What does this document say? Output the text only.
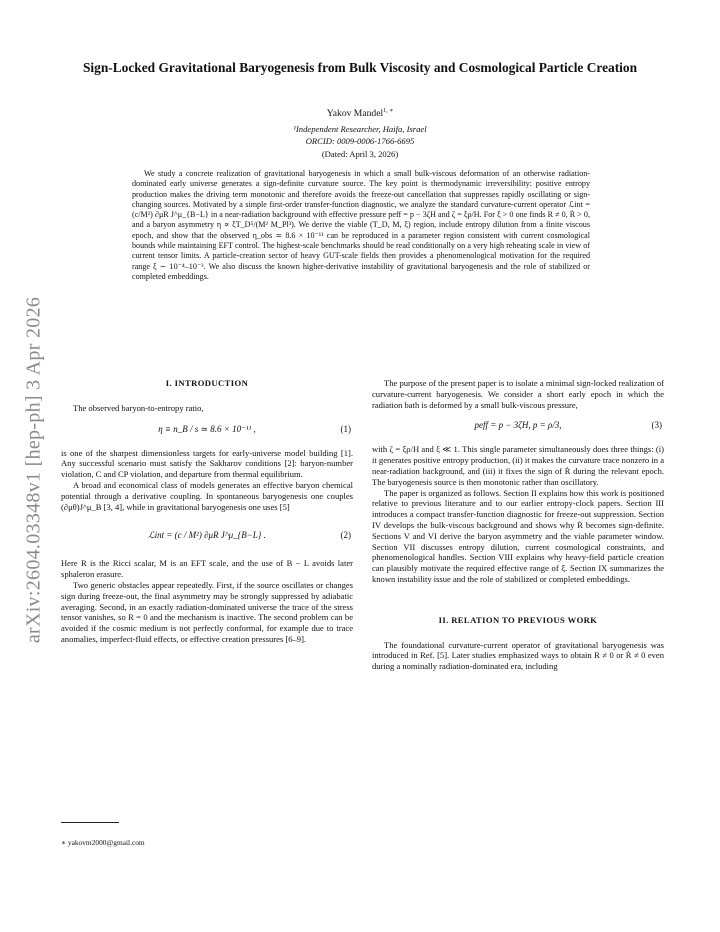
arXiv:2604.03348v1 [hep-ph] 3 Apr 2026
Sign-Locked Gravitational Baryogenesis from Bulk Viscosity and Cosmological Particle Creation
Yakov Mandel$^{1, ∗}$
¹Independent Researcher, Haifa, Israel
ORCID: 0009-0006-1766-6695
(Dated: April 3, 2026)
We study a concrete realization of gravitational baryogenesis in which a small bulk-viscous deformation of an otherwise radiation-dominated early universe generates a sign-definite curvature source. The key point is thermodynamic irreversibility: positive entropy production makes the driving term monotonic and therefore avoids the freeze-out cancellation that suppresses rapidly oscillating or sign-changing sources. Motivated by a simple first-order transfer-function diagnostic, we analyze the standard curvature-current operator ℒint = (c/M²) ∂μR J^μ_{B−L} in a near-radiation background with effective pressure peff = p − 3ζH and ζ = ξρ/H. For ξ > 0 one finds R ≠ 0, Ṙ > 0, and a baryon asymmetry η ∝ ξT_D⁵/(M² M_Pl³). We derive the viable (T_D, M, ξ) region, include entropy dilution from a finite viscous epoch, and show that the observed η_obs ≃ 8.6 × 10⁻¹¹ can be reproduced in a parameter region consistent with current cosmological bounds while maintaining EFT control. The highest-scale benchmarks should be read conditionally on a very high reheating scale in view of current tensor limits. A particle-creation sector of heavy GUT-scale fields then provides a phenomenological motivation for the required range ξ ∼ 10⁻⁴–10⁻³. We also discuss the known higher-derivative instability of gravitational baryogenesis and the role of stabilized or completed embeddings.
I. INTRODUCTION

The observed baryon-to-entropy ratio,

η ≡ n_B / s ≃ 8.6 × 10⁻¹¹ ,	(1)

is one of the sharpest dimensionless targets for early-universe model building [1]. Any successful scenario must satisfy the Sakharov conditions [2]: baryon-number violation, C and CP violation, and departure from thermal equilibrium.

A broad and economical class of models generates an effective baryon chemical potential through a derivative coupling. In spontaneous baryogenesis one couples (∂μθ)J^μ_B [3, 4], while in gravitational baryogenesis one uses [5]

ℒint = (c / M²) ∂μR J^μ_{B−L} .	(2)

Here R is the Ricci scalar, M is an EFT scale, and the use of B − L avoids later sphaleron erasure.

Two generic obstacles appear repeatedly. First, if the source oscillates or changes sign during freeze-out, the final asymmetry may be strongly suppressed by adiabatic averaging. Second, in an exactly radiation-dominated universe the trace of the stress tensor vanishes, so R = 0 and the mechanism is inactive. The second problem can be avoided if the cosmic medium is not perfectly conformal, for example due to trace anomalies, imperfect-fluid effects, or effective creation pressures [6–9].

The purpose of the present paper is to isolate a minimal sign-locked realization of curvature-current baryogenesis. We consider a short early epoch in which the radiation bath is deformed by a small bulk-viscous pressure,

peff = p − 3ζH, p = ρ/3,	(3)

with ζ = ξρ/H and ξ ≪ 1. This single parameter simultaneously does three things: (i) it generates positive entropy production, (ii) it makes the curvature trace nonzero in a near-radiation background, and (iii) it fixes the sign of Ṙ during the relevant epoch. The baryogenesis source is then monotonic rather than oscillatory.

The paper is organized as follows. Section II explains how this work is positioned relative to previous literature and to our earlier entropy-clock papers. Section III introduces a compact transfer-function diagnostic for freeze-out suppression. Section IV develops the bulk-viscous background and shows why Ṙ becomes sign-definite. Sections V and VI derive the baryon asymmetry and the viable parameter window. Section VII discusses entropy dilution, current cosmological constraints, and phenomenological handles. Section VIII explains why heavy-field particle creation can plausibly motivate the required effective range of ξ. Section IX summarizes the known instability issue and the role of stabilized or completed embeddings.

II. RELATION TO PREVIOUS WORK

The foundational curvature-current operator of gravitational baryogenesis was introduced in Ref. [5]. Later studies emphasized ways to obtain R ≠ 0 or Ṙ ≠ 0 even during a nominally radiation-dominated era, including

∗ yakovm2000@gmail.com
